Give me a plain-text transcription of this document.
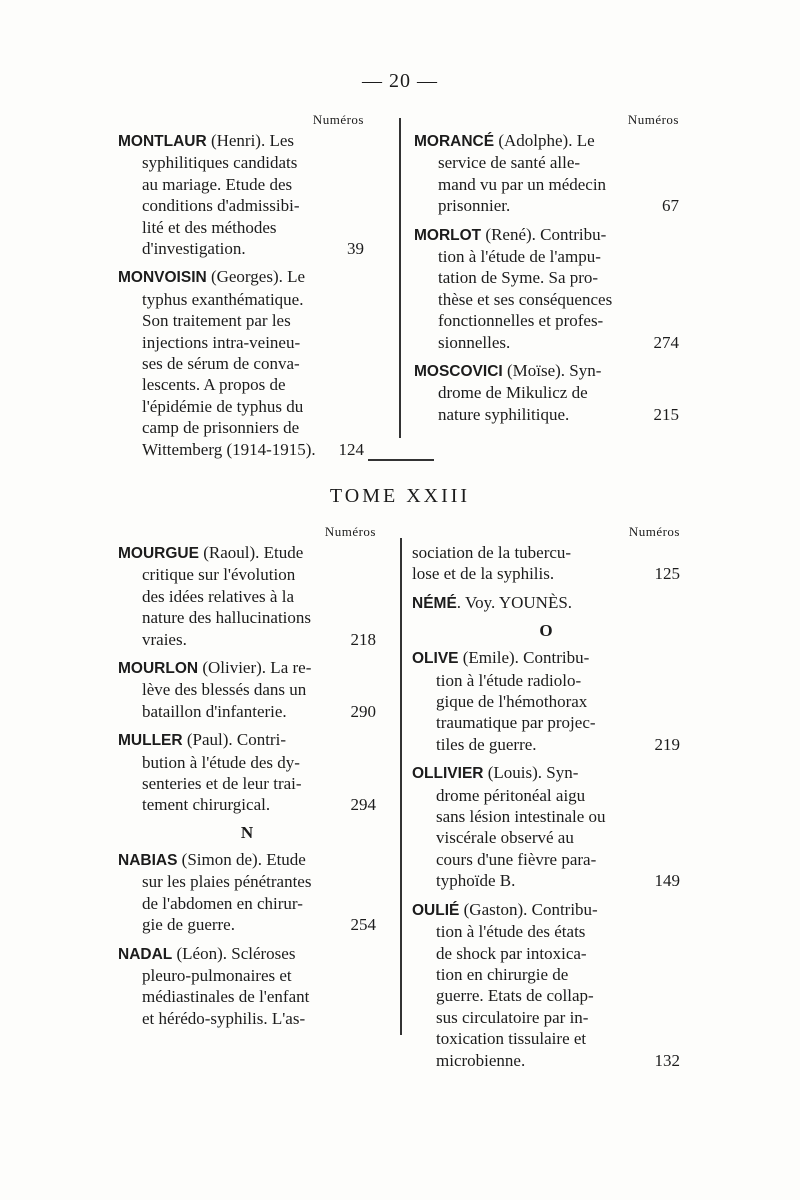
— 20 —
Numéros
MONTLAUR (Henri). Les
syphilitiques candidats
au mariage. Etude des
conditions d'admissibi-
lité et des méthodes
d'investigation.	39
MONVOISIN (Georges). Le
typhus exanthématique.
Son traitement par les
injections intra-veineu-
ses de sérum de conva-
lescents. A propos de
l'épidémie de typhus du
camp de prisonniers de
Wittemberg (1914-1915).	124
Numéros
MORANCÉ (Adolphe). Le
service de santé alle-
mand vu par un médecin
prisonnier.	67
MORLOT (René). Contribu-
tion à l'étude de l'ampu-
tation de Syme. Sa pro-
thèse et ses conséquences
fonctionnelles et profes-
sionnelles.	274
MOSCOVICI (Moïse). Syn-
drome de Mikulicz de
nature syphilitique.	215
TOME XXIII
Numéros
MOURGUE (Raoul). Etude
critique sur l'évolution
des idées relatives à la
nature des hallucinations
vraies.	218
MOURLON (Olivier). La re-
lève des blessés dans un
bataillon d'infanterie.	290
MULLER (Paul). Contri-
bution à l'étude des dy-
senteries et de leur trai-
tement chirurgical.	294
N
NABIAS (Simon de). Etude
sur les plaies pénétrantes
de l'abdomen en chirur-
gie de guerre.	254
NADAL (Léon). Scléroses
pleuro-pulmonaires et
médiastinales de l'enfant
et hérédo-syphilis. L'as-
Numéros
sociation de la tubercu-
lose et de la syphilis.	125
NÉMÉ. Voy. YOUNÈS.
O
OLIVE (Emile). Contribu-
tion à l'étude radiolo-
gique de l'hémothorax
traumatique par projec-
tiles de guerre.	219
OLLIVIER (Louis). Syn-
drome péritonéal aigu
sans lésion intestinale ou
viscérale observé au
cours d'une fièvre para-
typhoïde B.	149
OULIÉ (Gaston). Contribu-
tion à l'étude des états
de shock par intoxica-
tion en chirurgie de
guerre. Etats de collap-
sus circulatoire par in-
toxication tissulaire et
microbienne.	132
